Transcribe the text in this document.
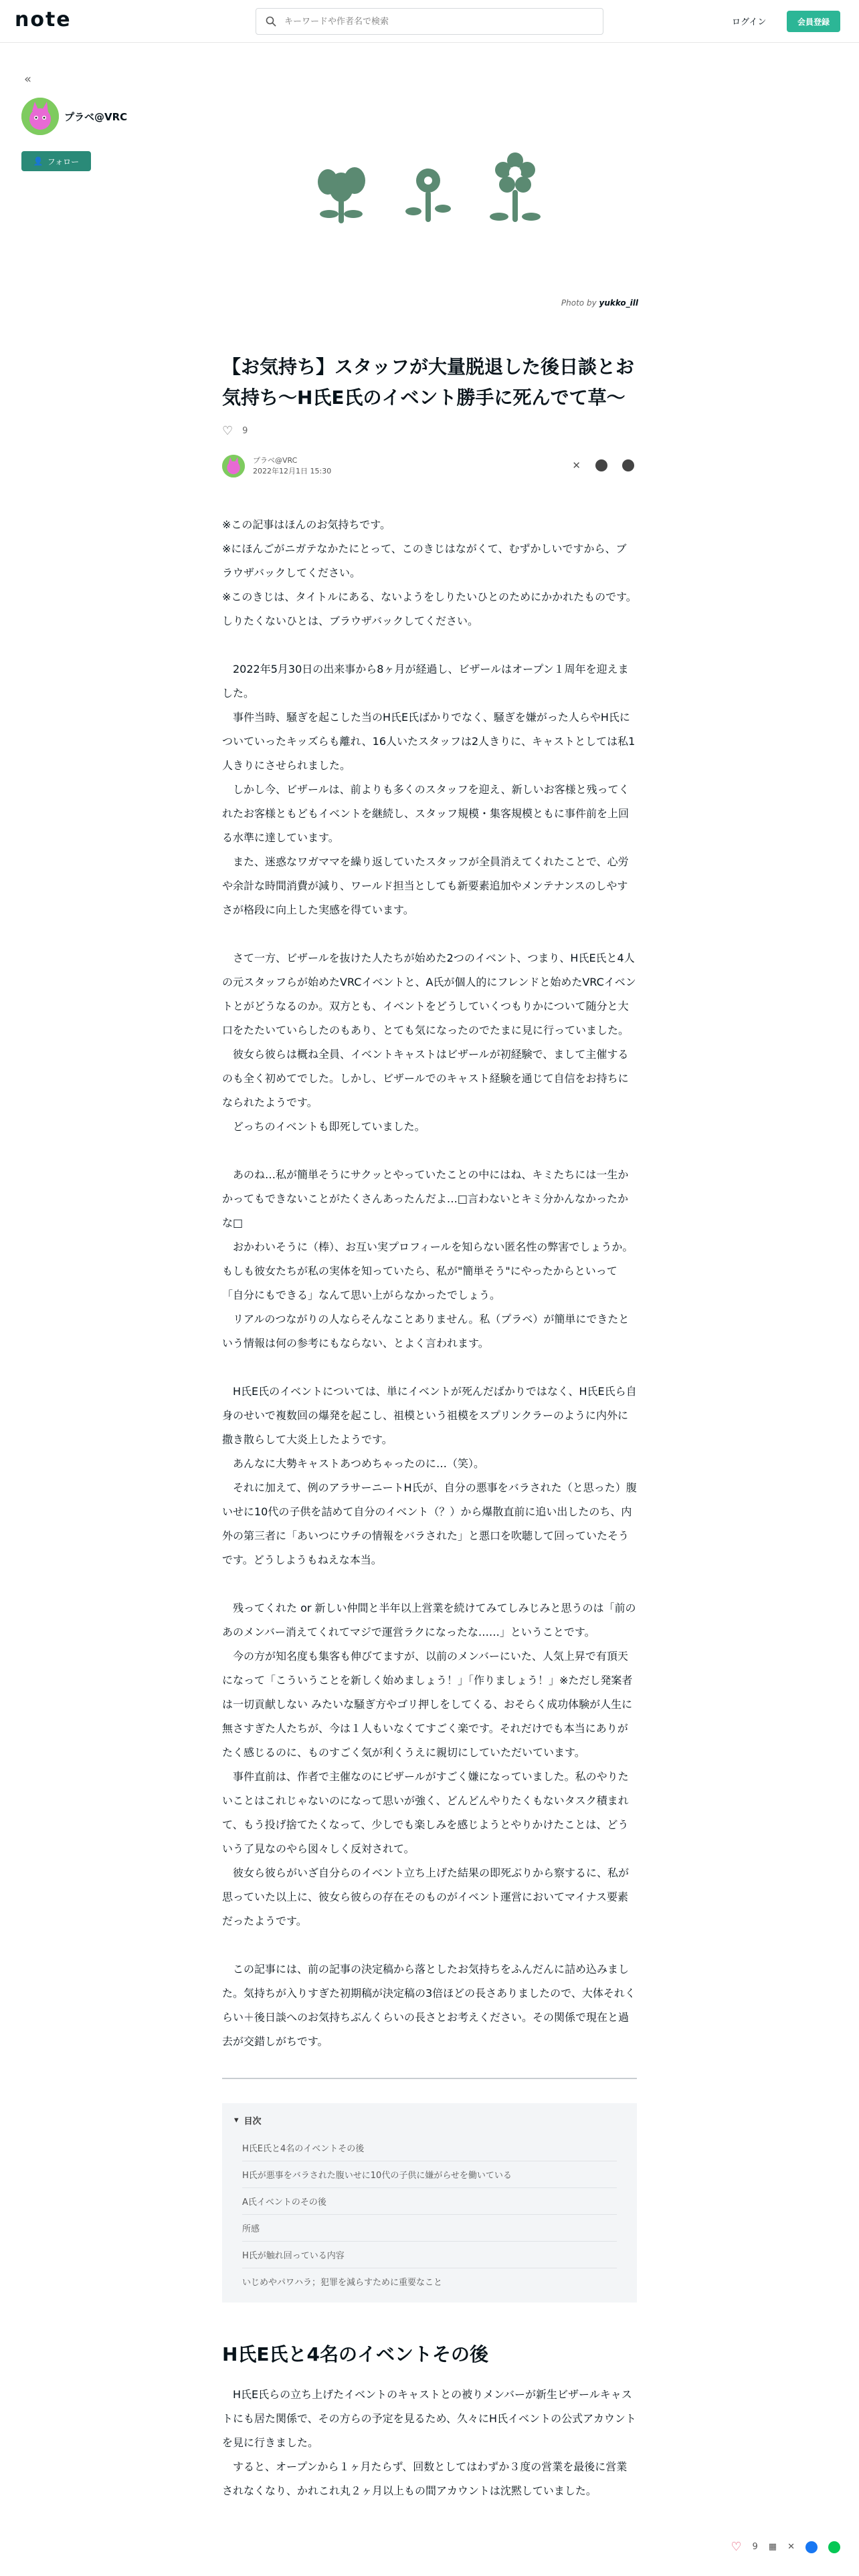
note
キーワードや作者名で検索	ログイン	会員登録
«
プラベ@VRC
👤 フォロー
Photo by yukko_ill
【お気持ち】スタッフが大量脱退した後日談とお気持ち〜H氏E氏のイベント勝手に死んでて草〜
♡ 9
プラベ@VRC
2022年12月1日 15:30	✕

※この記事はほんのお気持ちです。

※にほんごがニガテなかたにとって、このきじはながくて、むずかしいですから、ブラウザバックしてください。

※このきじは、タイトルにある、ないようをしりたいひとのためにかかれたものです。しりたくないひとは、ブラウザバックしてください。

　2022年5月30日の出来事から8ヶ月が経過し、ビザールはオープン１周年を迎えました。

　事件当時、騒ぎを起こした当のH氏E氏ばかりでなく、騒ぎを嫌がった人らやH氏についていったキッズらも離れ、16人いたスタッフは2人きりに、キャストとしては私1人きりにさせられました。

　しかし今、ビザールは、前よりも多くのスタッフを迎え、新しいお客様と残ってくれたお客様ともどもイベントを継続し、スタッフ規模・集客規模ともに事件前を上回る水準に達しています。

　また、迷惑なワガママを繰り返していたスタッフが全員消えてくれたことで、心労や余計な時間消費が減り、ワールド担当としても新要素追加やメンテナンスのしやすさが格段に向上した実感を得ています。

　さて一方、ビザールを抜けた人たちが始めた2つのイベント、つまり、H氏E氏と4人の元スタッフらが始めたVRCイベントと、A氏が個人的にフレンドと始めたVRCイベントとがどうなるのか。双方とも、イベントをどうしていくつもりかについて随分と大口をたたいていらしたのもあり、とても気になったのでたまに見に行っていました。

　彼女ら彼らは概ね全員、イベントキャストはビザールが初経験で、まして主催するのも全く初めてでした。しかし、ビザールでのキャスト経験を通じて自信をお持ちになられたようです。

　どっちのイベントも即死していました。

　あのね…私が簡単そうにサクッとやっていたことの中にはね、キミたちには一生かかってもできないことがたくさんあったんだよ…□言わないとキミ分かんなかったかな□

　おかわいそうに（棒）、お互い実プロフィールを知らない匿名性の弊害でしょうか。もしも彼女たちが私の実体を知っていたら、私が"簡単そう"にやったからといって「自分にもできる」なんて思い上がらなかったでしょう。

　リアルのつながりの人ならそんなことありません。私（プラベ）が簡単にできたという情報は何の参考にもならない、とよく言われます。

　H氏E氏のイベントについては、単にイベントが死んだばかりではなく、H氏E氏ら自身のせいで複数回の爆発を起こし、祖模という祖模をスプリンクラーのように内外に撒き散らして大炎上したようです。

　あんなに大勢キャストあつめちゃったのに…（笑）。

　それに加えて、例のアラサーニートH氏が、自分の悪事をバラされた（と思った）腹いせに10代の子供を詰めて自分のイベント（？）から爆散直前に追い出したのち、内外の第三者に「あいつにウチの情報をバラされた」と悪口を吹聴して回っていたそうです。どうしようもねえな本当。

　残ってくれた or 新しい仲間と半年以上営業を続けてみてしみじみと思うのは「前のあのメンバー消えてくれてマジで運営ラクになったな……」ということです。

　今の方が知名度も集客も伸びてますが、以前のメンバーにいた、人気上昇で有頂天になって「こういうことを新しく始めましょう！」「作りましょう！」※ただし発案者は一切貢献しない みたいな騒ぎ方やゴリ押しをしてくる、おそらく成功体験が人生に無さすぎた人たちが、今は１人もいなくてすごく楽です。それだけでも本当にありがたく感じるのに、ものすごく気が利くうえに親切にしていただいています。

　事件直前は、作者で主催なのにビザールがすごく嫌になっていました。私のやりたいことはこれじゃないのになって思いが強く、どんどんやりたくもないタスク積まれて、もう投げ捨てたくなって、少しでも楽しみを感じようとやりかけたことは、どういう了見なのやら図々しく反対されて。

　彼女ら彼らがいざ自分らのイベント立ち上げた結果の即死ぶりから察するに、私が思っていた以上に、彼女ら彼らの存在そのものがイベント運営においてマイナス要素だったようです。

　この記事には、前の記事の決定稿から落としたお気持ちをふんだんに詰め込みました。気持ちが入りすぎた初期稿が決定稿の3倍ほどの長さありましたので、大体それくらい＋後日談へのお気持ちぶんくらいの長さとお考えください。その関係で現在と過去が交錯しがちです。

▾ 目次
H氏E氏と4名のイベントその後
H氏が悪事をバラされた腹いせに10代の子供に嫌がらせを働いている
A氏イベントのその後
所感
H氏が触れ回っている内容
いじめやパワハラ；犯罪を減らすために重要なこと
H氏E氏と4名のイベントその後

　H氏E氏らの立ち上げたイベントのキャストとの被りメンバーが新生ビザールキャストにも居た関係で、その方らの予定を見るため、久々にH氏イベントの公式アカウントを見に行きました。

　すると、オープンから１ヶ月たらず、回数としてはわずか３度の営業を最後に営業されなくなり、かれこれ丸２ヶ月以上もの間アカウントは沈黙していました。

♡ 9 ▦ ✕
